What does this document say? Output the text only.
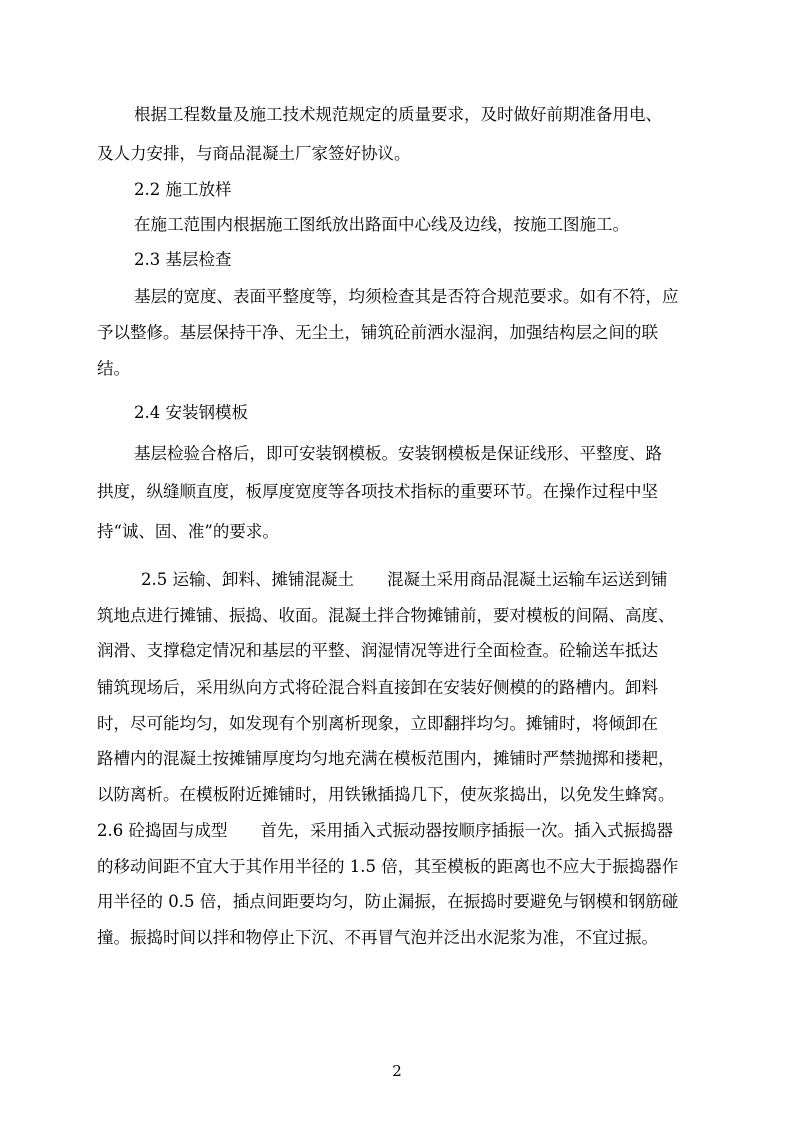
根据工程数量及施工技术规范规定的质量要求，及时做好前期准备用电、
及人力安排，与商品混凝土厂家签好协议。
2.2 施工放样
在施工范围内根据施工图纸放出路面中心线及边线，按施工图施工。
2.3 基层检查
基层的宽度、表面平整度等，均须检查其是否符合规范要求。如有不符，应
予以整修。基层保持干净、无尘土，铺筑砼前洒水湿润，加强结构层之间的联
结。
2.4 安装钢模板
基层检验合格后，即可安装钢模板。安装钢模板是保证线形、平整度、路
拱度，纵缝顺直度，板厚度宽度等各项技术指标的重要环节。在操作过程中坚
持“诚、固、准”的要求。
2.5 运输、卸料、摊铺混凝土　　混凝土采用商品混凝土运输车运送到铺
筑地点进行摊铺、振捣、收面。混凝土拌合物摊铺前，要对模板的间隔、高度、
润滑、支撑稳定情况和基层的平整、润湿情况等进行全面检查。砼输送车抵达
铺筑现场后，采用纵向方式将砼混合料直接卸在安装好侧模的的路槽内。卸料
时，尽可能均匀，如发现有个别离析现象，立即翻拌均匀。摊铺时，将倾卸在
路槽内的混凝土按摊铺厚度均匀地充满在模板范围内，摊铺时严禁抛掷和搂耙，
以防离析。在模板附近摊铺时，用铁锹插捣几下，使灰浆捣出，以免发生蜂窝。
2.6 砼捣固与成型　　首先，采用插入式振动器按顺序插振一次。插入式振捣器
的移动间距不宜大于其作用半径的 1.5 倍，其至模板的距离也不应大于振捣器作
用半径的 0.5 倍，插点间距要均匀，防止漏振，在振捣时要避免与钢模和钢筋碰
撞。振捣时间以拌和物停止下沉、不再冒气泡并泛出水泥浆为准，不宜过振。
2
